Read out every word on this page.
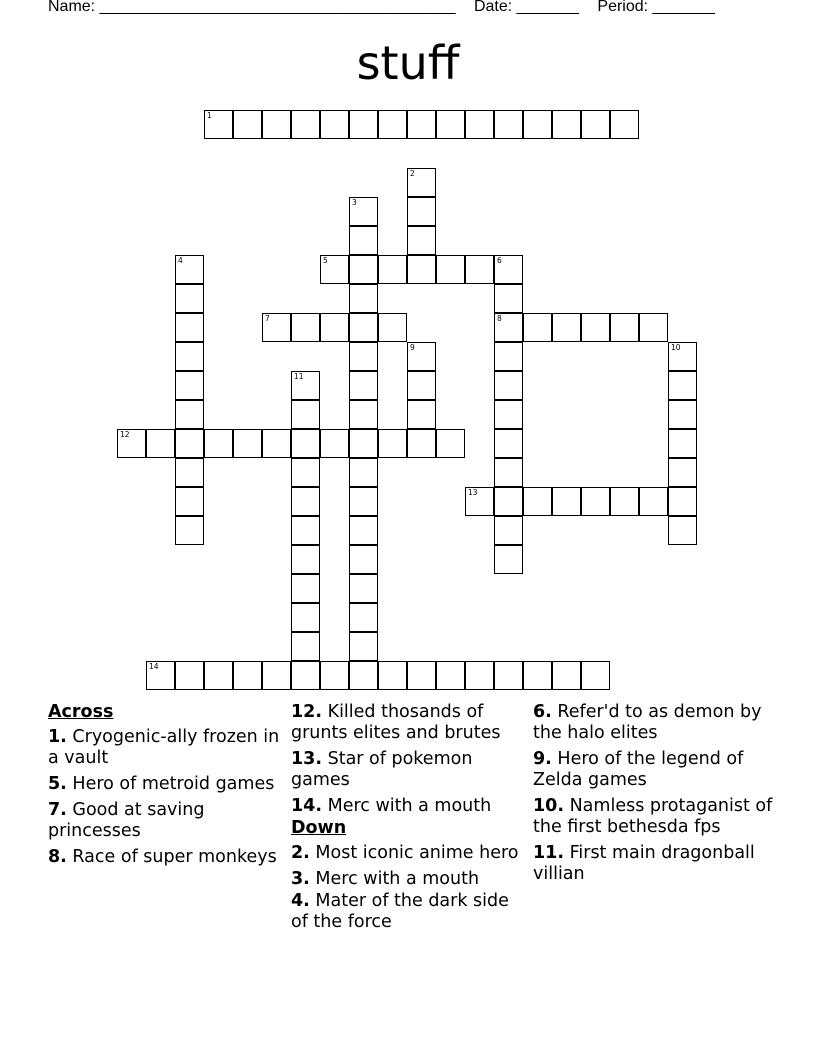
Name: ________________________________________ Date: _______ Period: _______
stuff
1
2
3
4	5	6
8
7
9	10
11
12
13
14
Across
1. Cryogenic-ally frozen in a vault
5. Hero of metroid games
7. Good at saving princesses
8. Race of super monkeys
12. Killed thosands of grunts elites and brutes
13. Star of pokemon games
14. Merc with a mouth
Down
2. Most iconic anime hero
3. Merc with a mouth
4. Mater of the dark side of the force
6. Refer'd to as demon by the halo elites
9. Hero of the legend of Zelda games
10. Namless protaganist of the first bethesda fps
11. First main dragonball villian
